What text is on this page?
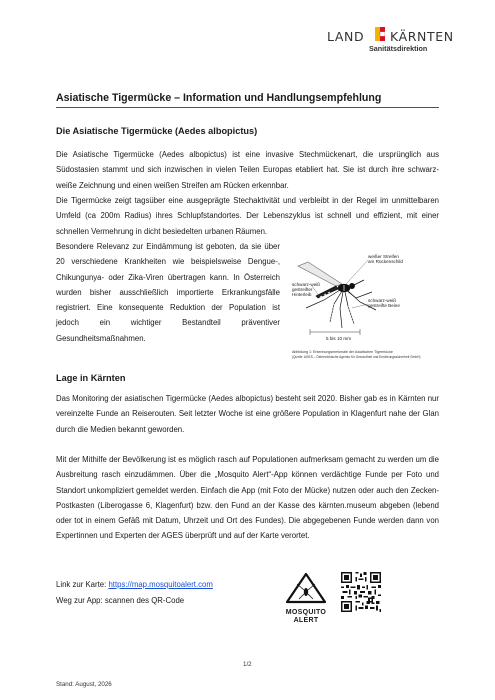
LAND KÄRNTEN
Sanitätsdirektion
Asiatische Tigermücke – Information und Handlungsempfehlung
Die Asiatische Tigermücke (Aedes albopictus)
Die Asiatische Tigermücke (Aedes albopictus) ist eine invasive Stechmückenart, die ursprünglich aus Südostasien stammt und sich inzwischen in vielen Teilen Europas etabliert hat. Sie ist durch ihre schwarz-weiße Zeichnung und einen weißen Streifen am Rücken erkennbar.
Die Tigermücke zeigt tagsüber eine ausgeprägte Stechaktivität und verbleibt in der Regel im unmittelbaren Umfeld (ca 200m Radius) ihres Schlupfstandortes. Der Lebenszyklus ist schnell und effizient, mit einer schnellen Vermehrung in dicht besiedelten urbanen Räumen.
Besondere Relevanz zur Eindämmung ist geboten, da sie über 20 verschiedene Krankheiten wie beispielsweise Dengue-, Chikungunya- oder Zika-Viren übertragen kann. In Österreich wurden bisher ausschließlich importierte Erkrankungsfälle registriert. Eine konsequente Reduktion der Population ist jedoch ein wichtiger Bestandteil präventiver Gesundheitsmaßnahmen.
weißer Streifen am Rückenschild
schwarz-weiß gestreifter Hinterleib
schwarz-weiß gestreifte Beine
5 bis 10 mm
Abbildung 1: Erkennungsmerkmale der Asiatischen Tigermücke
(Quelle: AGES – Österreichische Agentur für Gesundheit und Ernährungssicherheit GmbH)
Lage in Kärnten
Das Monitoring der asiatischen Tigermücke (Aedes albopictus) besteht seit 2020. Bisher gab es in Kärnten nur vereinzelte Funde an Reiserouten. Seit letzter Woche ist eine größere Population in Klagenfurt nahe der Glan durch die Medien bekannt geworden.
Mit der Mithilfe der Bevölkerung ist es möglich rasch auf Populationen aufmerksam gemacht zu werden um die Ausbreitung rasch einzudämmen. Über die „Mosquito Alert“-App können verdächtige Funde per Foto und Standort unkompliziert gemeldet werden. Einfach die App (mit Foto der Mücke) nutzen oder auch den Zecken-Postkasten (Liberogasse 6, Klagenfurt) bzw. den Fund an der Kasse des kärnten.museum abgeben (lebend oder tot in einem Gefäß mit Datum, Uhrzeit und Ort des Fundes). Die abgegebenen Funde werden dann von Expertinnen und Experten der AGES überprüft und auf der Karte verortet.
Link zur Karte: https://map.mosquitoalert.com
Weg zur App: scannen des QR-Code
MOSQUITO
ALERT
1/2
Stand: August, 2026
